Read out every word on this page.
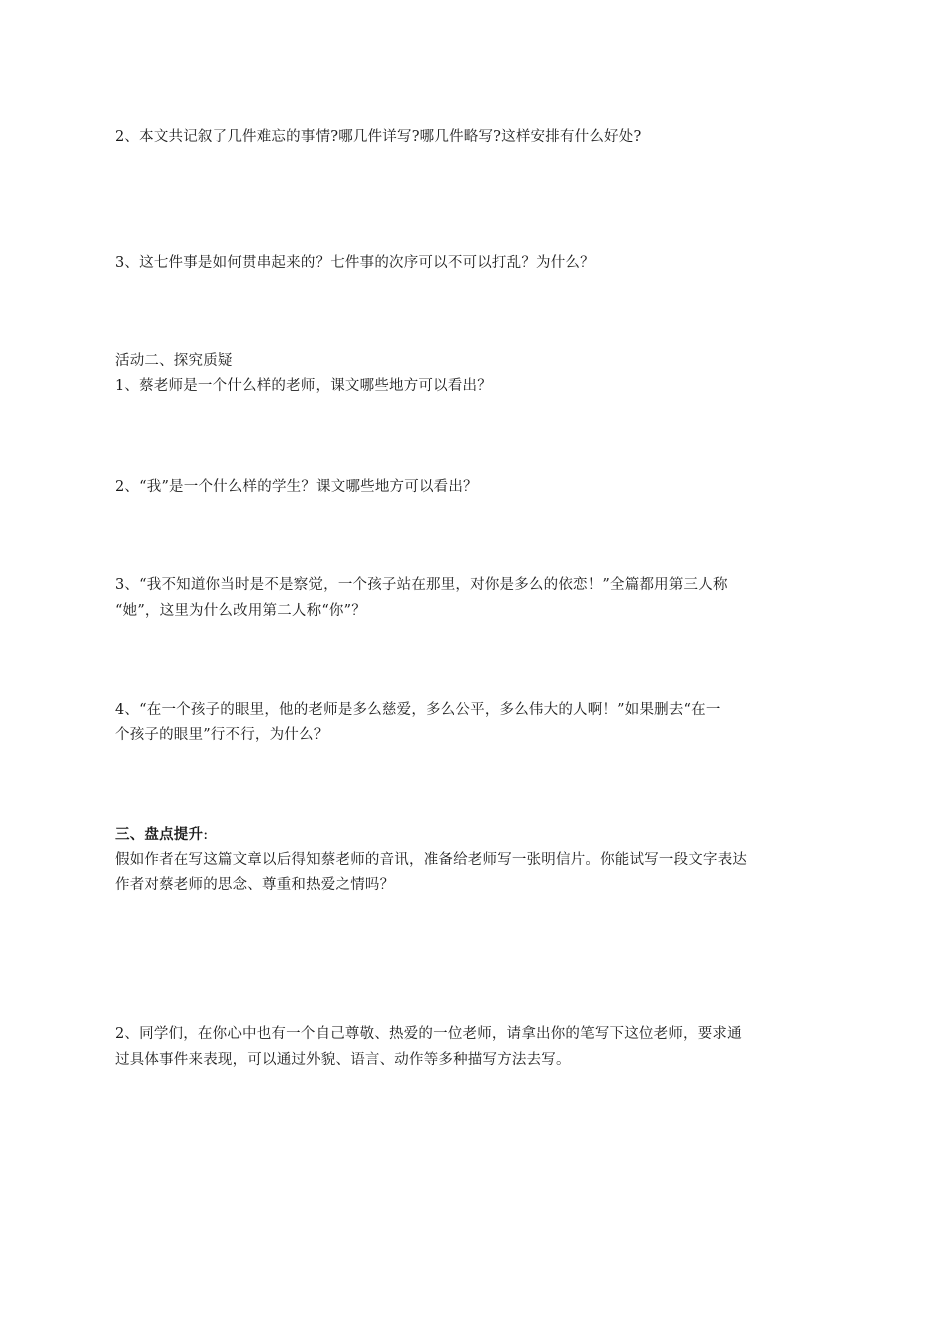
2、本文共记叙了几件难忘的事情?哪几件详写?哪几件略写?这样安排有什么好处?
3、这七件事是如何贯串起来的？七件事的次序可以不可以打乱？为什么？
活动二、探究质疑
1、蔡老师是一个什么样的老师，课文哪些地方可以看出？
2、“我”是一个什么样的学生？课文哪些地方可以看出？
3、“我不知道你当时是不是察觉，一个孩子站在那里，对你是多么的依恋！”全篇都用第三人称
“她”，这里为什么改用第二人称“你”？
4、“在一个孩子的眼里，他的老师是多么慈爱，多么公平，多么伟大的人啊！”如果删去“在一
个孩子的眼里”行不行，为什么？
三、盘点提升:
假如作者在写这篇文章以后得知蔡老师的音讯，准备给老师写一张明信片。你能试写一段文字表达
作者对蔡老师的思念、尊重和热爱之情吗？
2、同学们，在你心中也有一个自己尊敬、热爱的一位老师，请拿出你的笔写下这位老师，要求通
过具体事件来表现，可以通过外貌、语言、动作等多种描写方法去写。
